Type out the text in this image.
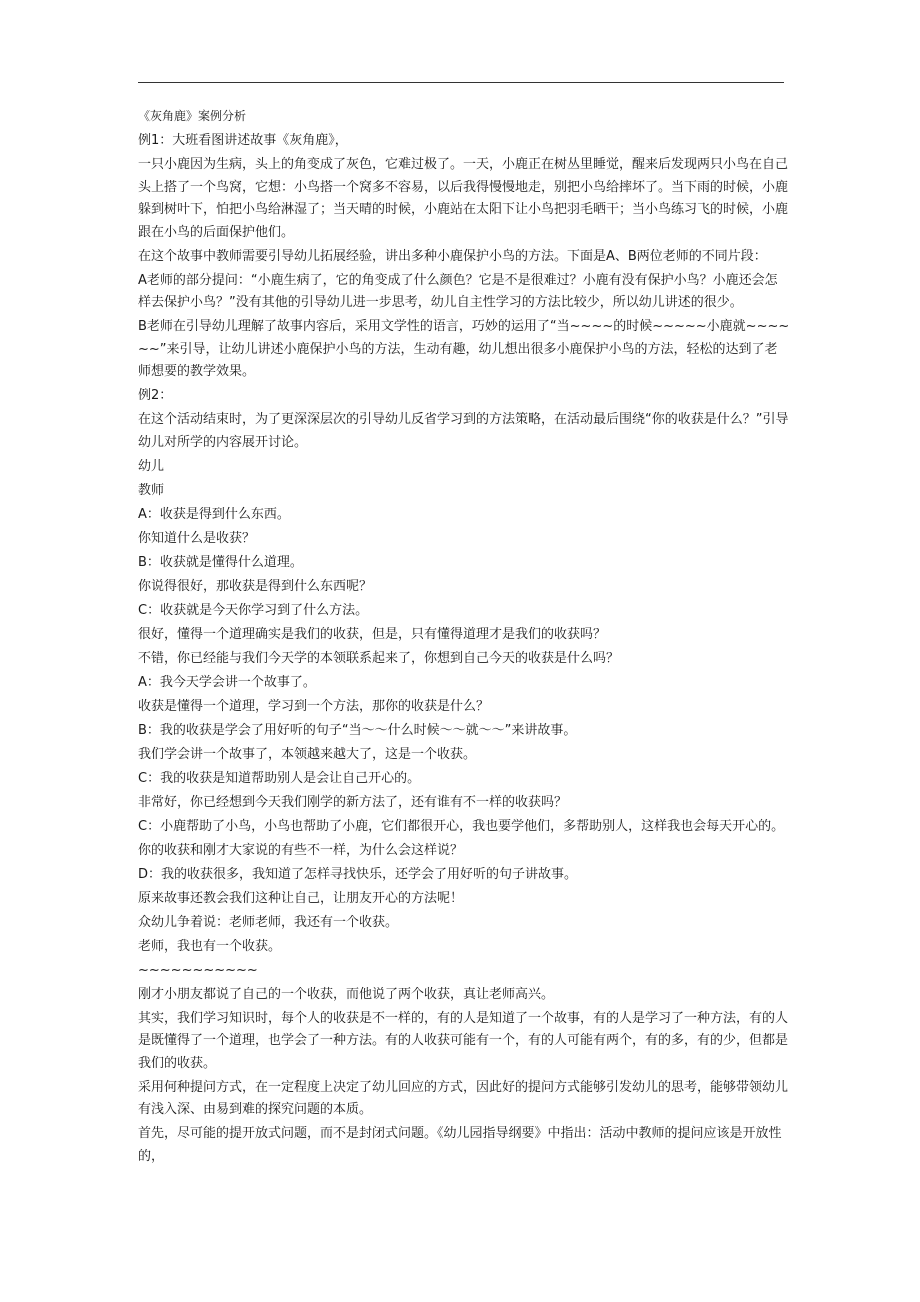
《灰角鹿》案例分析

例1：大班看图讲述故事《灰角鹿》，

一只小鹿因为生病，头上的角变成了灰色，它难过极了。一天，小鹿正在树丛里睡觉，醒来后发现两只小鸟在自己头上搭了一个鸟窝，它想：小鸟搭一个窝多不容易，以后我得慢慢地走，别把小鸟给摔坏了。当下雨的时候，小鹿躲到树叶下，怕把小鸟给淋湿了；当天晴的时候，小鹿站在太阳下让小鸟把羽毛晒干；当小鸟练习飞的时候，小鹿跟在小鸟的后面保护他们。

在这个故事中教师需要引导幼儿拓展经验，讲出多种小鹿保护小鸟的方法。下面是A、B两位老师的不同片段：

A老师的部分提问：“小鹿生病了，它的角变成了什么颜色？它是不是很难过？小鹿有没有保护小鸟？小鹿还会怎样去保护小鸟？”没有其他的引导幼儿进一步思考，幼儿自主性学习的方法比较少，所以幼儿讲述的很少。

B老师在引导幼儿理解了故事内容后，采用文学性的语言，巧妙的运用了“当~~~~的时候~~~~~小鹿就~~~~~~”来引导，让幼儿讲述小鹿保护小鸟的方法，生动有趣，幼儿想出很多小鹿保护小鸟的方法，轻松的达到了老师想要的教学效果。

例2：

在这个活动结束时，为了更深深层次的引导幼儿反省学习到的方法策略，在活动最后围绕“你的收获是什么？”引导幼儿对所学的内容展开讨论。

幼儿

教师

A：收获是得到什么东西。

你知道什么是收获？

B：收获就是懂得什么道理。

你说得很好，那收获是得到什么东西呢？

C：收获就是今天你学习到了什么方法。

很好，懂得一个道理确实是我们的收获，但是，只有懂得道理才是我们的收获吗？

不错，你已经能与我们今天学的本领联系起来了，你想到自己今天的收获是什么吗？

A：我今天学会讲一个故事了。

收获是懂得一个道理，学习到一个方法，那你的收获是什么？

B：我的收获是学会了用好听的句子“当～～什么时候～～就～～”来讲故事。

我们学会讲一个故事了，本领越来越大了，这是一个收获。

C：我的收获是知道帮助别人是会让自己开心的。

非常好，你已经想到今天我们刚学的新方法了，还有谁有不一样的收获吗？

C：小鹿帮助了小鸟，小鸟也帮助了小鹿，它们都很开心，我也要学他们，多帮助别人，这样我也会每天开心的。

你的收获和刚才大家说的有些不一样，为什么会这样说？

D：我的收获很多，我知道了怎样寻找快乐，还学会了用好听的句子讲故事。

原来故事还教会我们这种让自己，让朋友开心的方法呢！

众幼儿争着说：老师老师，我还有一个收获。

老师，我也有一个收获。

~~~~~~~~~~~

刚才小朋友都说了自己的一个收获，而他说了两个收获，真让老师高兴。

其实，我们学习知识时，每个人的收获是不一样的，有的人是知道了一个故事，有的人是学习了一种方法，有的人是既懂得了一个道理，也学会了一种方法。有的人收获可能有一个，有的人可能有两个，有的多，有的少，但都是我们的收获。

采用何种提问方式，在一定程度上决定了幼儿回应的方式，因此好的提问方式能够引发幼儿的思考，能够带领幼儿有浅入深、由易到难的探究问题的本质。

首先，尽可能的提开放式问题，而不是封闭式问题。《幼儿园指导纲要》中指出：活动中教师的提问应该是开放性的，
